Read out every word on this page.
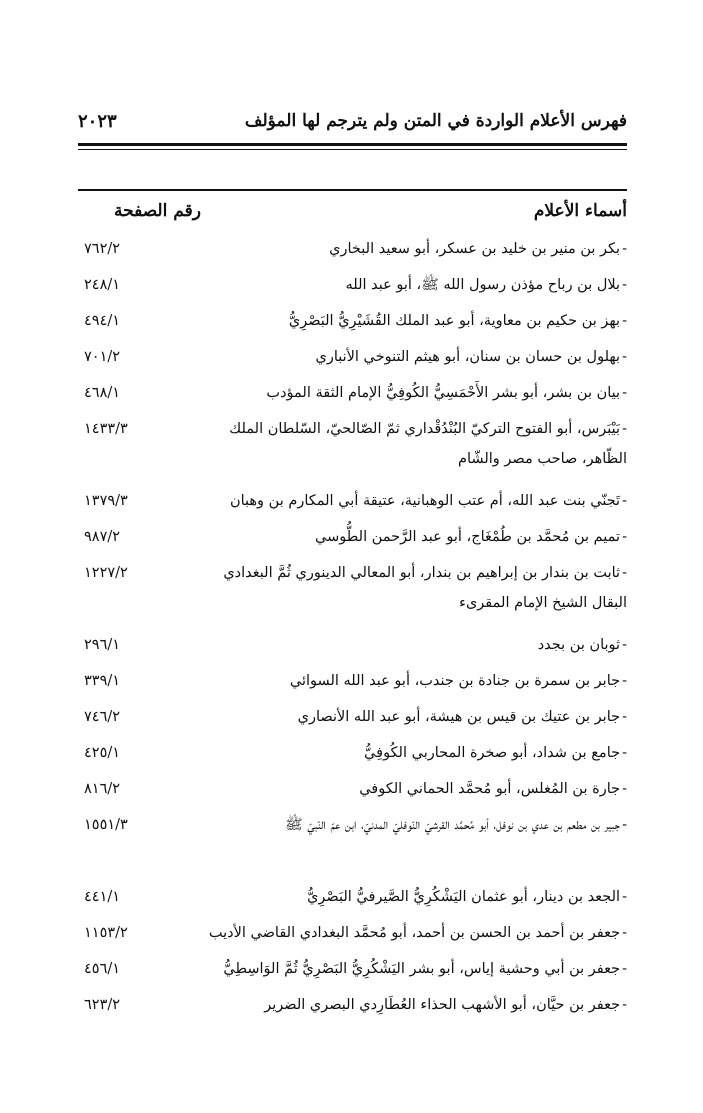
فهرس الأعلام الواردة في المتن ولم يترجم لها المؤلف
٢٠٢٣
أسماء الأعلام
رقم الصفحة
-بكر بن منير بن خليد بن عسكر، أبو سعيد البخاري
٧٦٢/٢
-بلال بن رباح مؤذن رسول الله ﷺ، أبو عبد الله
٢٤٨/١
-بهز بن حكيم بن معاوية، أبو عبد الملك القُشَيْرِيُّ البَصْرِيُّ
٤٩٤/١
-بهلول بن حسان بن سنان، أبو هيثم التنوخي الأنباري
٧٠١/٢
-بيان بن بشر، أبو بشر الأَحْمَسِيُّ الكُوفِيُّ الإمام الثقة المؤدب
٤٦٨/١
-بَيْبَرس، أبو الفتوح التركيّ البُنْدُقْداري ثمّ الصّالحيّ، السّلطان الملك الظّاهر، صاحب مصر والشّام
١٤٣٣/٣
-تَجنّي بنت عبد الله، أم عتب الوهبانية، عتيقة أبي المكارم بن وهبان
١٣٧٩/٣
-تميم بن مُحمَّد بن طُمْغَاج، أبو عبد الرَّحمن الطُّوسي
٩٨٧/٢
-ثابت بن بندار بن إبراهيم بن بندار، أبو المعالي الدينوري ثُمَّ البغدادي البقال الشيخ الإمام المقرىء
١٢٢٧/٢
-ثوبان بن بجدد
٢٩٦/١
-جابر بن سمرة بن جنادة بن جندب، أبو عبد الله السوائي
٣٣٩/١
-جابر بن عتيك بن قيس بن هيشة، أبو عبد الله الأنصاري
٧٤٦/٢
-جامع بن شداد، أبو صخرة المحاربي الكُوفِيُّ
٤٢٥/١
-جارة بن المُغلس، أبو مُحمَّد الحماني الكوفي
٨١٦/٢
-جبير بن مطعم بن عدي بن نوفل، أبو مُحمَّد القرشيّ النّوفليّ المدنيّ، ابن عمّ النّبيّ ﷺ
١٥٥١/٣
-الجعد بن دينار، أبو عثمان اليَشْكُرِيُّ الصَّيرفيُّ البَصْرِيُّ
٤٤١/١
-جعفر بن أحمد بن الحسن بن أحمد، أبو مُحمَّد البغدادي القاضي الأديب
١١٥٣/٢
-جعفر بن أبي وحشية إياس، أبو بشر اليَشْكُرِيُّ البَصْرِيُّ ثُمَّ الوَاسِطِيُّ
٤٥٦/١
-جعفر بن حيَّان، أبو الأشهب الحذاء العُطَارِدي البصري الضرير
٦٢٣/٢
